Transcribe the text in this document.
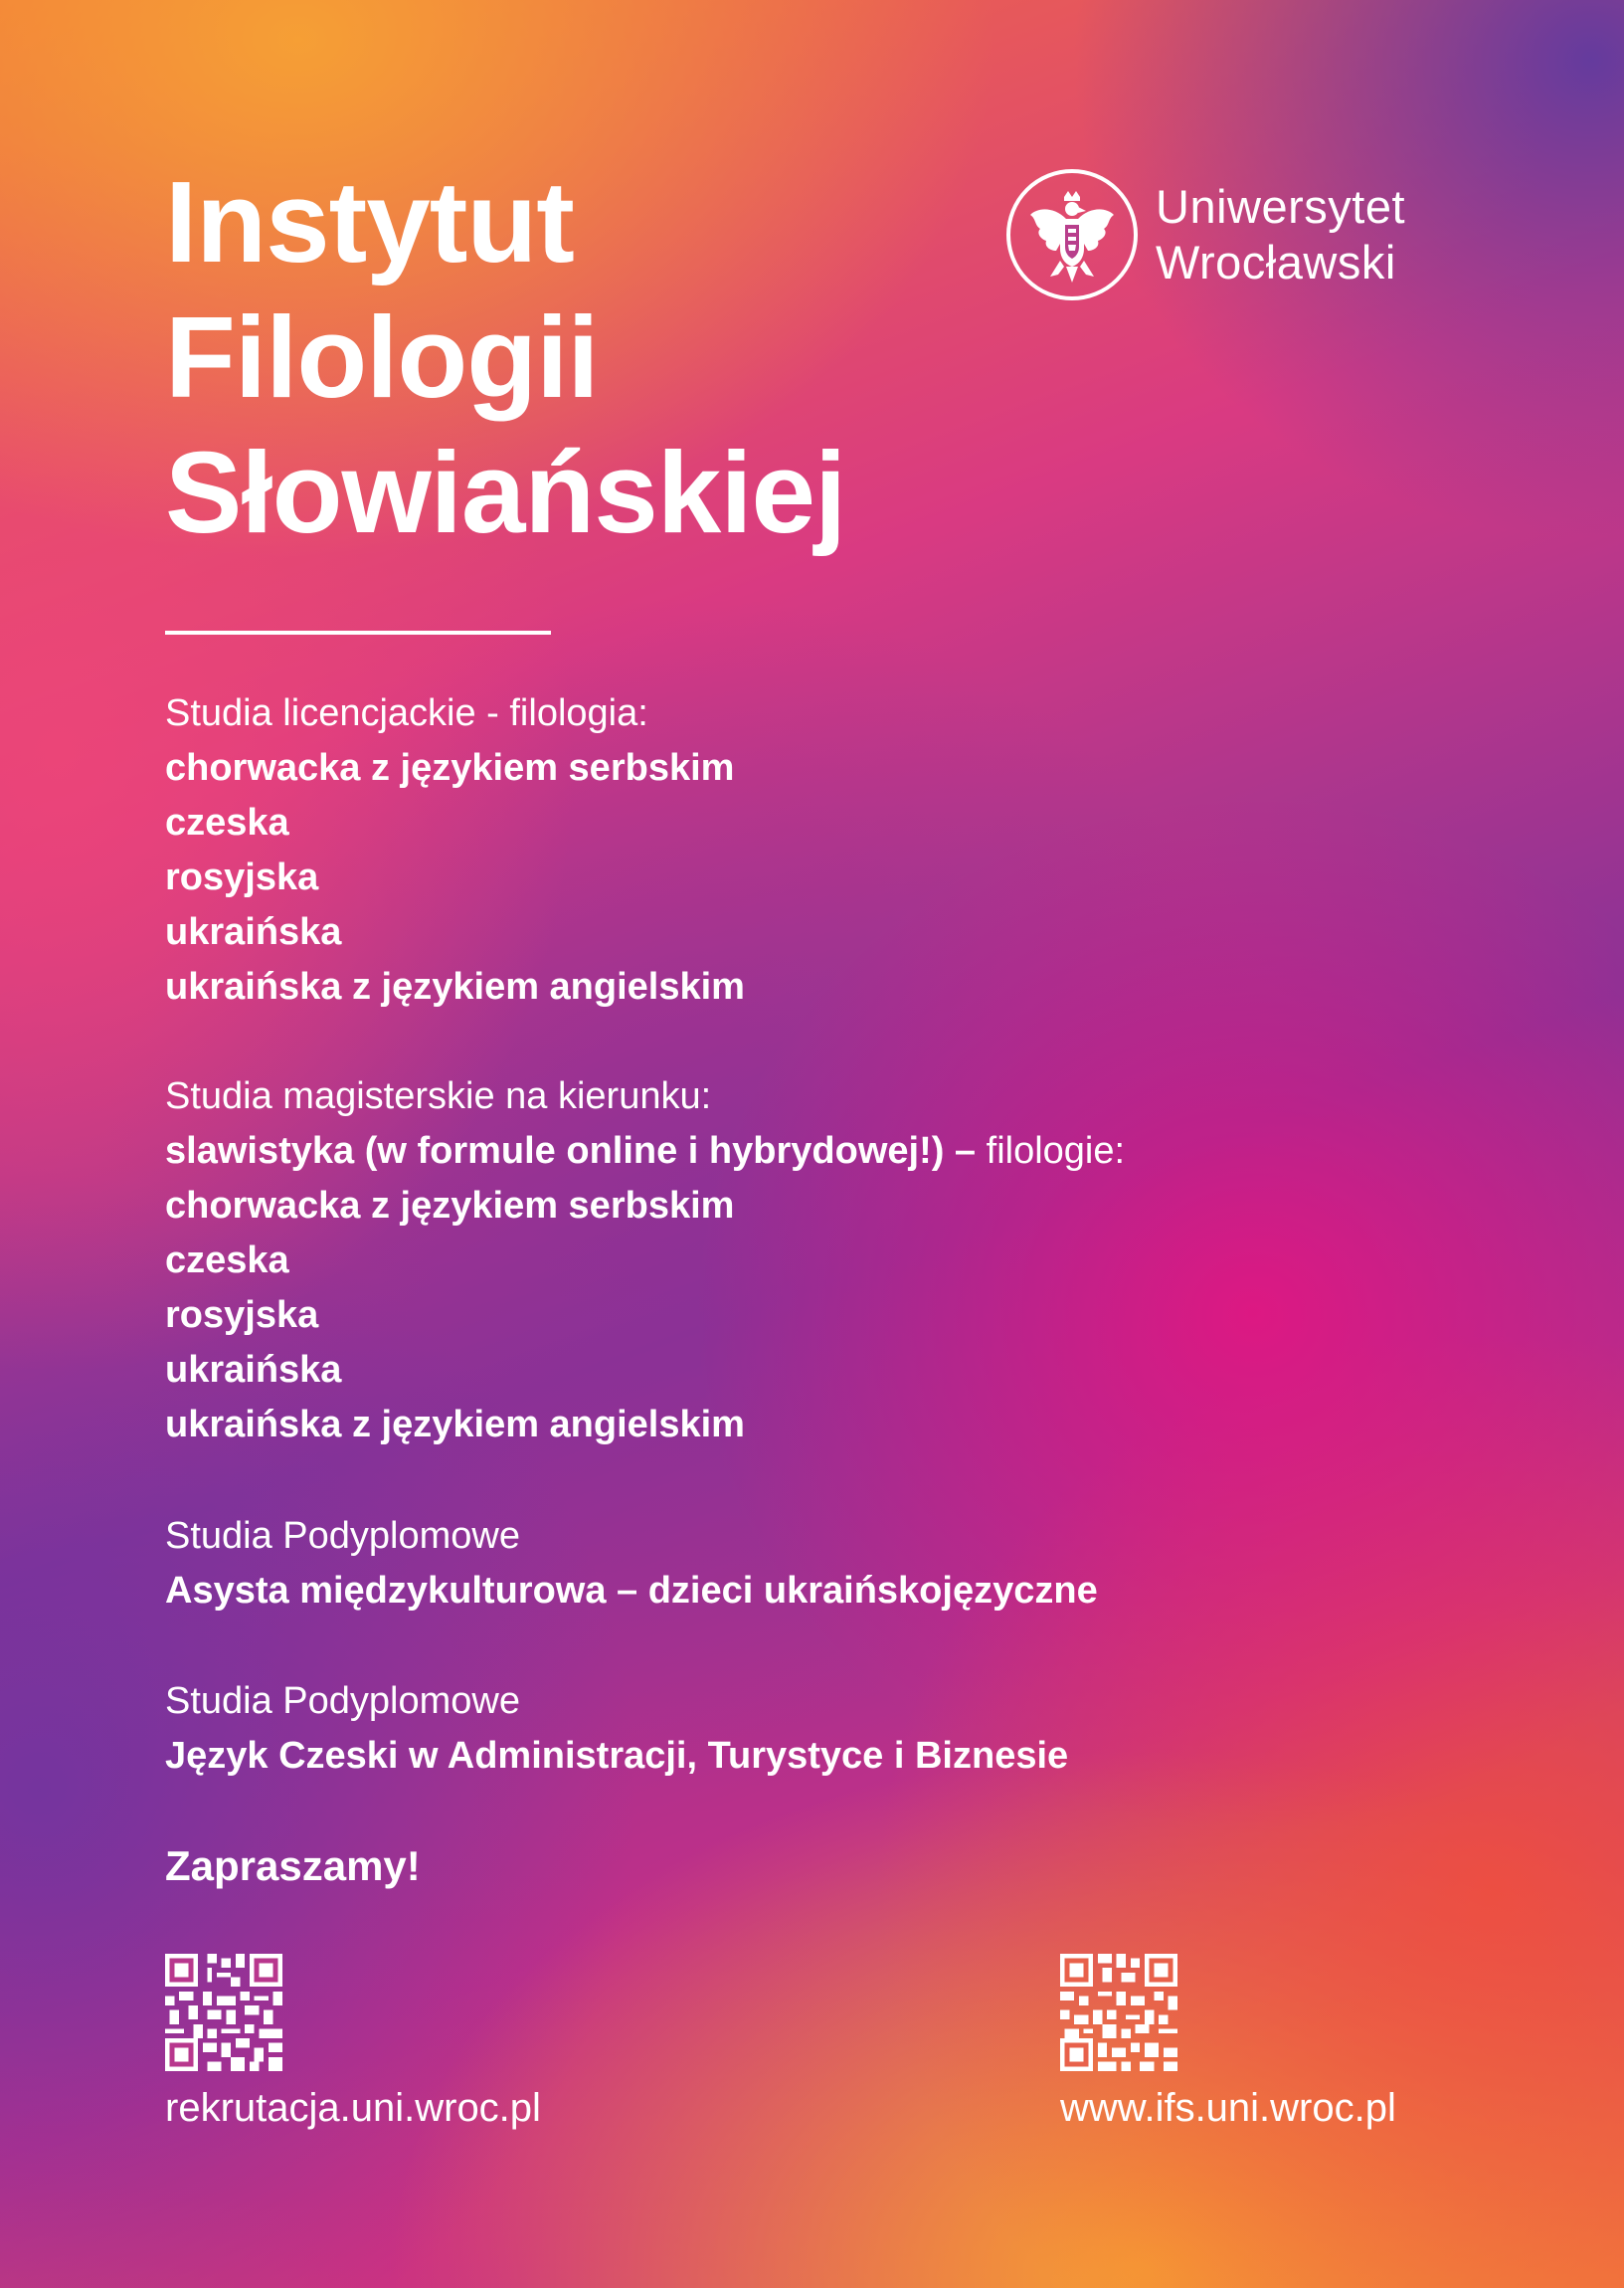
Instytut
Filologii
Słowiańskiej
Uniwersytet
Wrocławski
Studia licencjackie - filologia:
chorwacka z językiem serbskim
czeska
rosyjska
ukraińska
ukraińska z językiem angielskim
Studia magisterskie na kierunku:
slawistyka (w formule online i hybrydowej!) – filologie:
chorwacka z językiem serbskim
czeska
rosyjska
ukraińska
ukraińska z językiem angielskim
Studia Podyplomowe
Asysta międzykulturowa – dzieci ukraińskojęzyczne
Studia Podyplomowe
Język Czeski w Administracji, Turystyce i Biznesie
Zapraszamy!
rekrutacja.uni.wroc.pl	www.ifs.uni.wroc.pl
